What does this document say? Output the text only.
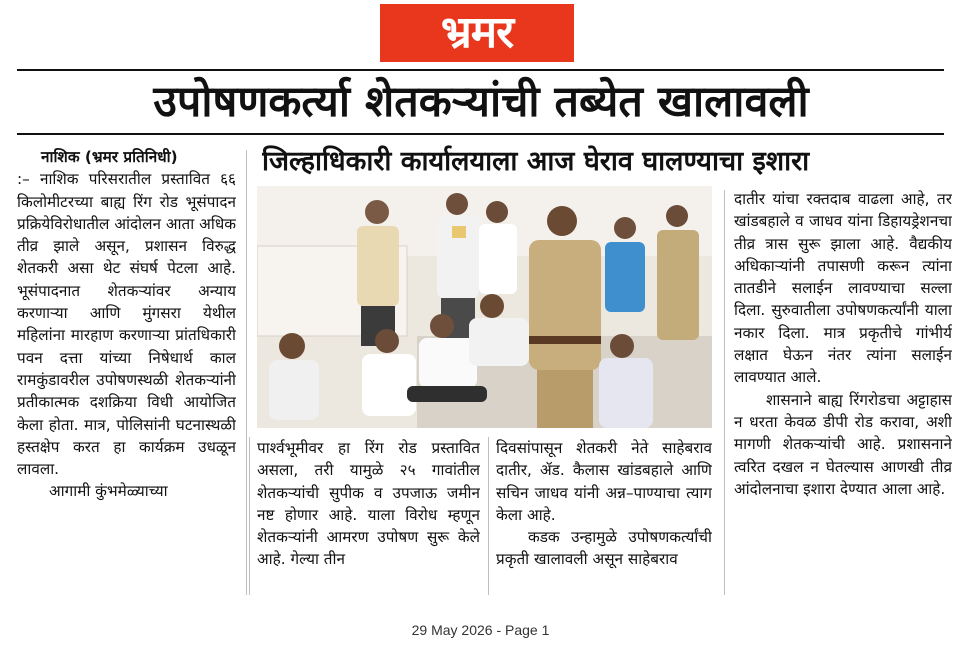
भ्रमर
उपोषणकर्त्या शेतकऱ्यांची तब्येत खालावली
जिल्हाधिकारी कार्यालयाला आज घेराव घालण्याचा इशारा

नाशिक (भ्रमर प्रतिनिधी)

:– नाशिक परिसरातील प्रस्तावित ६६ किलोमीटरच्या बाह्य रिंग रोड भूसंपादन प्रक्रियेविरोधातील आंदोलन आता अधिक तीव्र झाले असून, प्रशासन विरुद्ध शेतकरी असा थेट संघर्ष पेटला आहे. भूसंपादनात शेतकऱ्यांवर अन्याय करणाऱ्या आणि मुंगसरा येथील महिलांना मारहाण करणाऱ्या प्रांतधिकारी पवन दत्ता यांच्या निषेधार्थ काल रामकुंडावरील उपोषणस्थळी शेतकऱ्यांनी प्रतीकात्मक दशक्रिया विधी आयोजित केला होता. मात्र, पोलिसांनी घटनास्थळी हस्तक्षेप करत हा कार्यक्रम उधळून लावला.

आगामी कुंभमेळ्याच्या

पार्श्वभूमीवर हा रिंग रोड प्रस्तावित असला, तरी यामुळे २५ गावांतील शेतकऱ्यांची सुपीक व उपजाऊ जमीन नष्ट होणार आहे. याला विरोध म्हणून शेतकऱ्यांनी आमरण उपोषण सुरू केले आहे. गेल्या तीन

दिवसांपासून शेतकरी नेते साहेबराव दातीर, ॲड. कैलास खांडबहाले आणि सचिन जाधव यांनी अन्न–पाण्याचा त्याग केला आहे.

कडक उन्हामुळे उपोषणकर्त्यांची प्रकृती खालावली असून साहेबराव

दातीर यांचा रक्तदाब वाढला आहे, तर खांडबहाले व जाधव यांना डिहायड्रेशनचा तीव्र त्रास सुरू झाला आहे. वैद्यकीय अधिकाऱ्यांनी तपासणी करून त्यांना तातडीने सलाईन लावण्याचा सल्ला दिला. सुरुवातीला उपोषणकर्त्यांनी याला नकार दिला. मात्र प्रकृतीचे गांभीर्य लक्षात घेऊन नंतर त्यांना सलाईन लावण्यात आले.

शासनाने बाह्य रिंगरोडचा अट्टाहास न धरता केवळ डीपी रोड करावा, अशी मागणी शेतकऱ्यांची आहे. प्रशासनाने त्वरित दखल न घेतल्यास आणखी तीव्र आंदोलनाचा इशारा देण्यात आला आहे.

29 May 2026 - Page 1
